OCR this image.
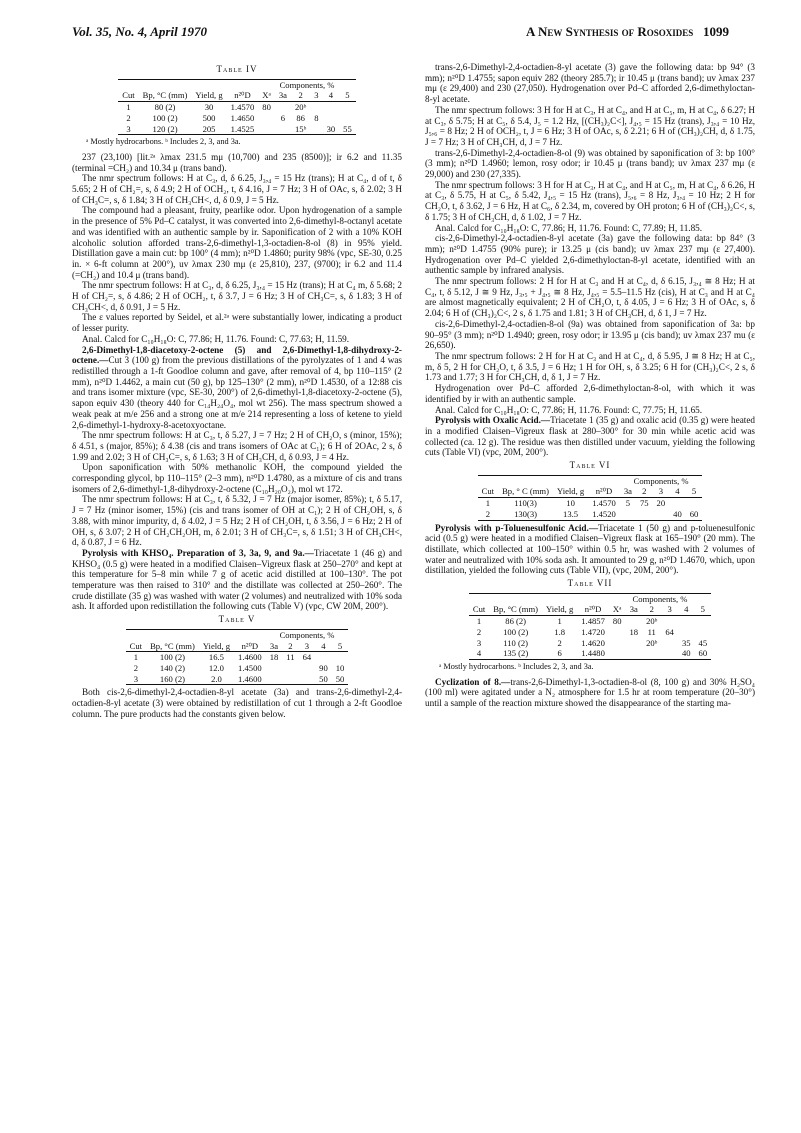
Vol. 35, No. 4, April 1970	A New Synthesis of Rosoxides 1099
Table IV
				Components, %					
Cut	Bp, °C (mm)	Yield, g	n²⁰D	Xᵃ	3a	2	3	4	5
1	80 (2)	30	1.4570	80		20ᵇ			
2	100 (2)	500	1.4650		6	86	8		
3	120 (2)	205	1.4525			15ᵇ		30	55
ᵃ Mostly hydrocarbons. ᵇ Includes 2, 3, and 3a.

237 (23,100) [lit.²ᵃ λmax 231.5 mμ (10,700) and 235 (8500)]; ir 6.2 and 11.35 (terminal =CH₂) and 10.34 μ (trans band).

The nmr spectrum follows: H at C₃, d, δ 6.25, J₃,₄ = 15 Hz (trans); H at C₄, d of t, δ 5.65; 2 H of CH₂=, s, δ 4.9; 2 H of OCH₂, t, δ 4.16, J = 7 Hz; 3 H of OAc, s, δ 2.02; 3 H of CH₃C=, s, δ 1.84; 3 H of CH₃CH<, d, δ 0.9, J = 5 Hz.

The compound had a pleasant, fruity, pearlike odor. Upon hydrogenation of a sample in the presence of 5% Pd–C catalyst, it was converted into 2,6-dimethyl-8-octanyl acetate and was identified with an authentic sample by ir. Saponification of 2 with a 10% KOH alcoholic solution afforded trans-2,6-dimethyl-1,3-octadien-8-ol (8) in 95% yield. Distillation gave a main cut: bp 100° (4 mm); n²⁰D 1.4860; purity 98% (vpc, SE-30, 0.25 in. × 6-ft column at 200°), uv λmax 230 mμ (ε 25,810), 237, (9700); ir 6.2 and 11.4 (=CH₂) and 10.4 μ (trans band).

The nmr spectrum follows: H at C₃, d, δ 6.25, J₃,₄ = 15 Hz (trans); H at C₄ m, δ 5.68; 2 H of CH₂=, s, δ 4.86; 2 H of OCH₂, t, δ 3.7, J = 6 Hz; 3 H of CH₃C=, s, δ 1.83; 3 H of CH₃CH<, d, δ 0.91, J = 5 Hz.

The ε values reported by Seidel, et al.²ᵃ were substantially lower, indicating a product of lesser purity.

Anal. Calcd for C₁₀H₁₈O: C, 77.86; H, 11.76. Found: C, 77.63; H, 11.59.

2,6-Dimethyl-1,8-diacetoxy-2-octene (5) and 2,6-Dimethyl-1,8-dihydroxy-2-octene.—Cut 3 (100 g) from the previous distillations of the pyrolyzates of 1 and 4 was redistilled through a 1-ft Goodloe column and gave, after removal of 4, bp 110–115° (2 mm), n²⁰D 1.4462, a main cut (50 g), bp 125–130° (2 mm), n²⁰D 1.4530, of a 12:88 cis and trans isomer mixture (vpc, SE-30, 200°) of 2,6-dimethyl-1,8-diacetoxy-2-octene (5), sapon equiv 430 (theory 440 for C₁₄H₂₄O₄, mol wt 256). The mass spectrum showed a weak peak at m/e 256 and a strong one at m/e 214 representing a loss of ketene to yield 2,6-dimethyl-1-hydroxy-8-acetoxyoctane.

The nmr spectrum follows: H at C₃, t, δ 5.27, J = 7 Hz; 2 H of CH₂O, s (minor, 15%); δ 4.51, s (major, 85%); δ 4.38 (cis and trans isomers of OAc at C₁); 6 H of 2OAc, 2 s, δ 1.99 and 2.02; 3 H of CH₃C=, s, δ 1.63; 3 H of CH₃CH, d, δ 0.93, J = 4 Hz.

Upon saponification with 50% methanolic KOH, the compound yielded the corresponding glycol, bp 110–115° (2–3 mm), n²⁰D 1.4780, as a mixture of cis and trans isomers of 2,6-dimethyl-1,8-dihydroxy-2-octene (C₁₀H₂₀O₂), mol wt 172.

The nmr spectrum follows: H at C₃, t, δ 5.32, J = 7 Hz (major isomer, 85%); t, δ 5.17, J = 7 Hz (minor isomer, 15%) (cis and trans isomer of OH at C₁); 2 H of CH₂OH, s, δ 3.88, with minor impurity, d, δ 4.02, J = 5 Hz; 2 H of CH₂OH, t, δ 3.56, J = 6 Hz; 2 H of OH, s, δ 3.07; 2 H of CH₂CH₂OH, m, δ 2.01; 3 H of CH₃C=, s, δ 1.51; 3 H of CH₃CH<, d, δ 0.87, J = 6 Hz.

Pyrolysis with KHSO₄. Preparation of 3, 3a, 9, and 9a.—Triacetate 1 (46 g) and KHSO₄ (0.5 g) were heated in a modified Claisen–Vigreux flask at 250–270° and kept at this temperature for 5–8 min while 7 g of acetic acid distilled at 100–130°. The pot temperature was then raised to 310° and the distillate was collected at 250–260°. The crude distillate (35 g) was washed with water (2 volumes) and neutralized with 10% soda ash. It afforded upon redistillation the following cuts (Table V) (vpc, CW 20M, 200°).

Table V
				Components, %				
Cut	Bp, °C (mm)	Yield, g	n²⁰D	3a	2	3	4	5
1	100 (2)	16.5	1.4600	18	11	64		
2	140 (2)	12.0	1.4500				90	10
3	160 (2)	2.0	1.4600				50	50

Both cis-2,6-dimethyl-2,4-octadien-8-yl acetate (3a) and trans-2,6-dimethyl-2,4-octadien-8-yl acetate (3) were obtained by redistillation of cut 1 through a 2-ft Goodloe column. The pure products had the constants given below.

trans-2,6-Dimethyl-2,4-octadien-8-yl acetate (3) gave the following data: bp 94° (3 mm); n²⁰D 1.4755; sapon equiv 282 (theory 285.7); ir 10.45 μ (trans band); uv λmax 237 mμ (ε 29,400) and 230 (27,050). Hydrogenation over Pd–C afforded 2,6-dimethyloctan-8-yl acetate.

The nmr spectrum follows: 3 H for H at C₃, H at C₄, and H at C₅, m, H at C₄, δ 6.27; H at C₃, δ 5.75; H at C₅, δ 5.4, J₅ = 1.2 Hz, [(CH₃)₂C<], J₄,₅ = 15 Hz (trans), J₃,₄ = 10 Hz, J₅,₆ = 8 Hz; 2 H of OCH₂, t, J = 6 Hz; 3 H of OAc, s, δ 2.21; 6 H of (CH₃)₂CH, d, δ 1.75, J = 7 Hz; 3 H of CH₃CH, d, J = 7 Hz.

trans-2,6-Dimethyl-2,4-octadien-8-ol (9) was obtained by saponification of 3: bp 100° (3 mm); n²⁰D 1.4960; lemon, rosy odor; ir 10.45 μ (trans band); uv λmax 237 mμ (ε 29,000) and 230 (27,335).

The nmr spectrum follows: 3 H for H at C₃, H at C₄, and H at C₅, m, H at C₄, δ 6.26, H at C₃, δ 5.75, H at C₅, δ 5.42, J₄,₅ = 15 Hz (trans), J₅,₆ = 8 Hz, J₃,₄ = 10 Hz; 2 H for CH₂O, t, δ 3.62, J = 6 Hz, H at C₆, δ 2.34, m, covered by OH proton; 6 H of (CH₃)₂C<, s, δ 1.75; 3 H of CH₃CH, d, δ 1.02, J = 7 Hz.

Anal. Calcd for C₁₀H₁₈O: C, 77.86; H, 11.76. Found: C, 77.89; H, 11.85.

cis-2,6-Dimethyl-2,4-octadien-8-yl acetate (3a) gave the following data: bp 84° (3 mm); n²⁰D 1.4755 (90% pure); ir 13.25 μ (cis band); uv λmax 237 mμ (ε 27,400). Hydrogenation over Pd–C yielded 2,6-dimethyloctan-8-yl acetate, identified with an authentic sample by infrared analysis.

The nmr spectrum follows: 2 H for H at C₃ and H at C₄, d, δ 6.15, J₃,₄ ≅ 8 Hz; H at C₄, t, δ 5.12, J ≅ 9 Hz, J₃,₅ + J₄,₅ ≅ 8 Hz, J₄,₅ = 5.5–11.5 Hz (cis), H at C₃ and H at C₄ are almost magnetically equivalent; 2 H of CH₂O, t, δ 4.05, J = 6 Hz; 3 H of OAc, s, δ 2.04; 6 H of (CH₃)₂C<, 2 s, δ 1.75 and 1.81; 3 H of CH₃CH, d, δ 1, J = 7 Hz.

cis-2,6-Dimethyl-2,4-octadien-8-ol (9a) was obtained from saponification of 3a: bp 90–95° (3 mm); n²⁰D 1.4940; green, rosy odor; ir 13.95 μ (cis band); uv λmax 237 mu (ε 26,650).

The nmr spectrum follows: 2 H for H at C₃ and H at C₄, d, δ 5.95, J ≅ 8 Hz; H at C₅, m, δ 5, 2 H for CH₂O, t, δ 3.5, J = 6 Hz; 1 H for OH, s, δ 3.25; 6 H for (CH₃)₂C<, 2 s, δ 1.73 and 1.77; 3 H for CH₃CH, d, δ 1, J = 7 Hz.

Hydrogenation over Pd–C afforded 2,6-dimethyloctan-8-ol, with which it was identified by ir with an authentic sample.

Anal. Calcd for C₁₀H₁₈O: C, 77.86; H, 11.76. Found: C, 77.75; H, 11.65.

Pyrolysis with Oxalic Acid.—Triacetate 1 (35 g) and oxalic acid (0.35 g) were heated in a modified Claisen–Vigreux flask at 280–300° for 30 min while acetic acid was collected (ca. 12 g). The residue was then distilled under vacuum, yielding the following cuts (Table VI) (vpc, 20M, 200°).

Table VI
				Components, %				
Cut	Bp, ° C (mm)	Yield, g	n²⁰D	3a	2	3	4	5
1	110(3)	10	1.4570	5	75	20		
2	130(3)	13.5	1.4520				40	60

Pyrolysis with p-Toluenesulfonic Acid.—Triacetate 1 (50 g) and p-toluenesulfonic acid (0.5 g) were heated in a modified Claisen–Vigreux flask at 165–190° (20 mm). The distillate, which collected at 100–150° within 0.5 hr, was washed with 2 volumes of water and neutralized with 10% soda ash. It amounted to 29 g, n²⁰D 1.4670, which, upon distillation, yielded the following cuts (Table VII), (vpc, 20M, 200°).

Table VII
				Components, %					
Cut	Bp, °C (mm)	Yield, g	n²⁰D	Xᵃ	3a	2	3	4	5
1	86 (2)	1	1.4857	80		20ᵇ			
2	100 (2)	1.8	1.4720		18	11	64		
3	110 (2)	2	1.4620			20ᵇ		35	45
4	135 (2)	6	1.4480					40	60
ᵃ Mostly hydrocarbons. ᵇ Includes 2, 3, and 3a.

Cyclization of 8.—trans-2,6-Dimethyl-1,3-octadien-8-ol (8, 100 g) and 30% H₂SO₄ (100 ml) were agitated under a N₂ atmosphere for 1.5 hr at room temperature (20–30°) until a sample of the reaction mixture showed the disappearance of the starting ma-
